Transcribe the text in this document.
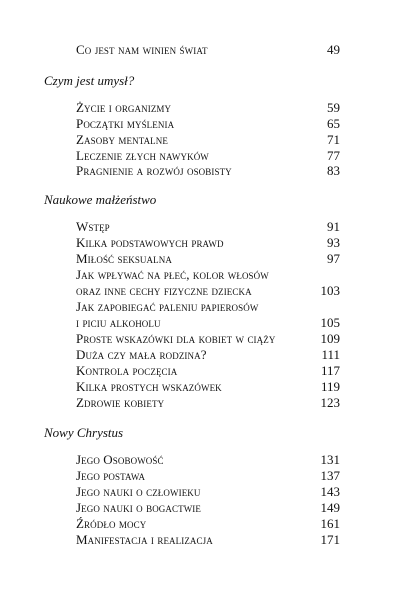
Co jest nam winien świat	49
Czym jest umysł?
Życie i organizmy	59
Początki myślenia	65
Zasoby mentalne	71
Leczenie złych nawyków	77
Pragnienie a rozwój osobisty	83
Naukowe małżeństwo
Wstęp	91
Kilka podstawowych prawd	93
Miłość seksualna	97
Jak wpływać na płeć, kolor włosów
oraz inne cechy fizyczne dziecka	103
Jak zapobiegać paleniu papierosów
i piciu alkoholu	105
Proste wskazówki dla kobiet w ciąży	109
Duża czy mała rodzina?	111
Kontrola poczęcia	117
Kilka prostych wskazówek	119
Zdrowie kobiety	123
Nowy Chrystus
Jego Osobowość	131
Jego postawa	137
Jego nauki o człowieku	143
Jego nauki o bogactwie	149
Źródło mocy	161
Manifestacja i realizacja	171
